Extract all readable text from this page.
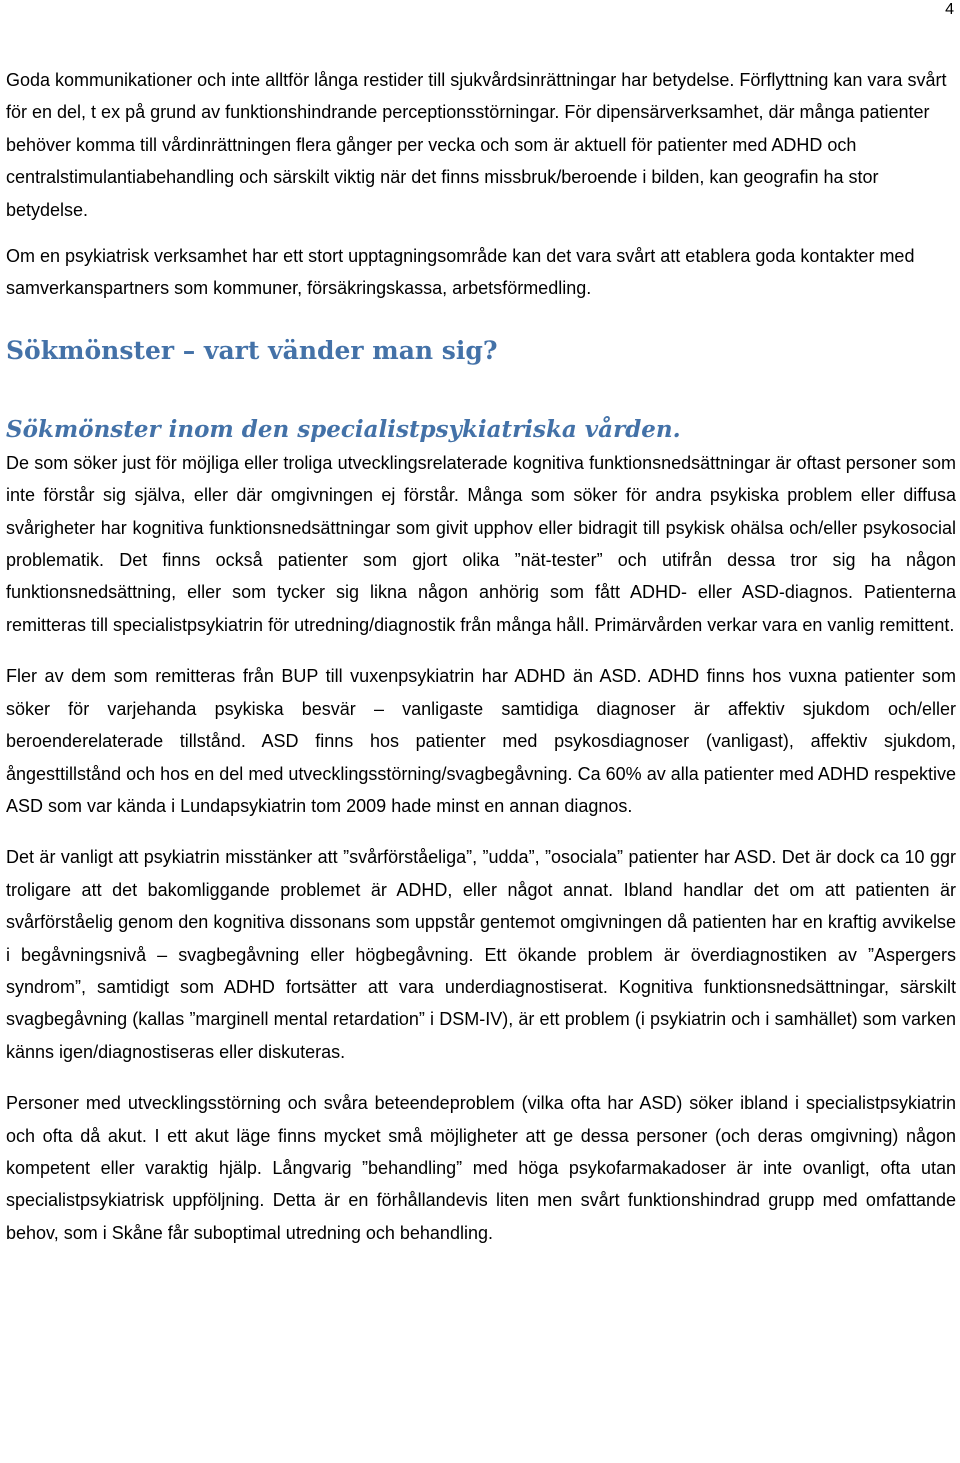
4

Goda kommunikationer och inte alltför långa restider till sjukvårdsinrättningar har betydelse. Förflyttning kan vara svårt för en del, t ex på grund av funktionshindrande perceptionsstörningar. För dipensärverksamhet, där många patienter behöver komma till vårdinrättningen flera gånger per vecka och som är aktuell för patienter med ADHD och centralstimulantiabehandling och särskilt viktig när det finns missbruk/beroende i bilden, kan geografin ha stor betydelse.

Om en psykiatrisk verksamhet har ett stort upptagningsområde kan det vara svårt att etablera goda kontakter med samverkanspartners som kommuner, försäkringskassa, arbetsförmedling.

Sökmönster – vart vänder man sig?
Sökmönster inom den specialistpsykiatriska vården.

De som söker just för möjliga eller troliga utvecklingsrelaterade kognitiva funktionsnedsättningar är oftast personer som inte förstår sig själva, eller där omgivningen ej förstår. Många som söker för andra psykiska problem eller diffusa svårigheter har kognitiva funktionsnedsättningar som givit upphov eller bidragit till psykisk ohälsa och/eller psykosocial problematik. Det finns också patienter som gjort olika ”nät-tester” och utifrån dessa tror sig ha någon funktionsnedsättning, eller som tycker sig likna någon anhörig som fått ADHD- eller ASD-diagnos. Patienterna remitteras till specialistpsykiatrin för utredning/diagnostik från många håll. Primärvården verkar vara en vanlig remittent.

Fler av dem som remitteras från BUP till vuxenpsykiatrin har ADHD än ASD. ADHD finns hos vuxna patienter som söker för varjehanda psykiska besvär – vanligaste samtidiga diagnoser är affektiv sjukdom och/eller beroenderelaterade tillstånd. ASD finns hos patienter med psykosdiagnoser (vanligast), affektiv sjukdom, ångesttillstånd och hos en del med utvecklingsstörning/svagbegåvning. Ca 60% av alla patienter med ADHD respektive ASD som var kända i Lundapsykiatrin tom 2009 hade minst en annan diagnos.

Det är vanligt att psykiatrin misstänker att ”svårförståeliga”, ”udda”, ”osociala” patienter har ASD. Det är dock ca 10 ggr troligare att det bakomliggande problemet är ADHD, eller något annat. Ibland handlar det om att patienten är svårförståelig genom den kognitiva dissonans som uppstår gentemot omgivningen då patienten har en kraftig avvikelse i begåvningsnivå – svagbegåvning eller högbegåvning. Ett ökande problem är överdiagnostiken av ”Aspergers syndrom”, samtidigt som ADHD fortsätter att vara underdiagnostiserat. Kognitiva funktionsnedsättningar, särskilt svagbegåvning (kallas ”marginell mental retardation” i DSM-IV), är ett problem (i psykiatrin och i samhället) som varken känns igen/diagnostiseras eller diskuteras.

Personer med utvecklingsstörning och svåra beteendeproblem (vilka ofta har ASD) söker ibland i specialistpsykiatrin och ofta då akut. I ett akut läge finns mycket små möjligheter att ge dessa personer (och deras omgivning) någon kompetent eller varaktig hjälp. Långvarig ”behandling” med höga psykofarmakadoser är inte ovanligt, ofta utan specialistpsykiatrisk uppföljning. Detta är en förhållandevis liten men svårt funktionshindrad grupp med omfattande behov, som i Skåne får suboptimal utredning och behandling.
